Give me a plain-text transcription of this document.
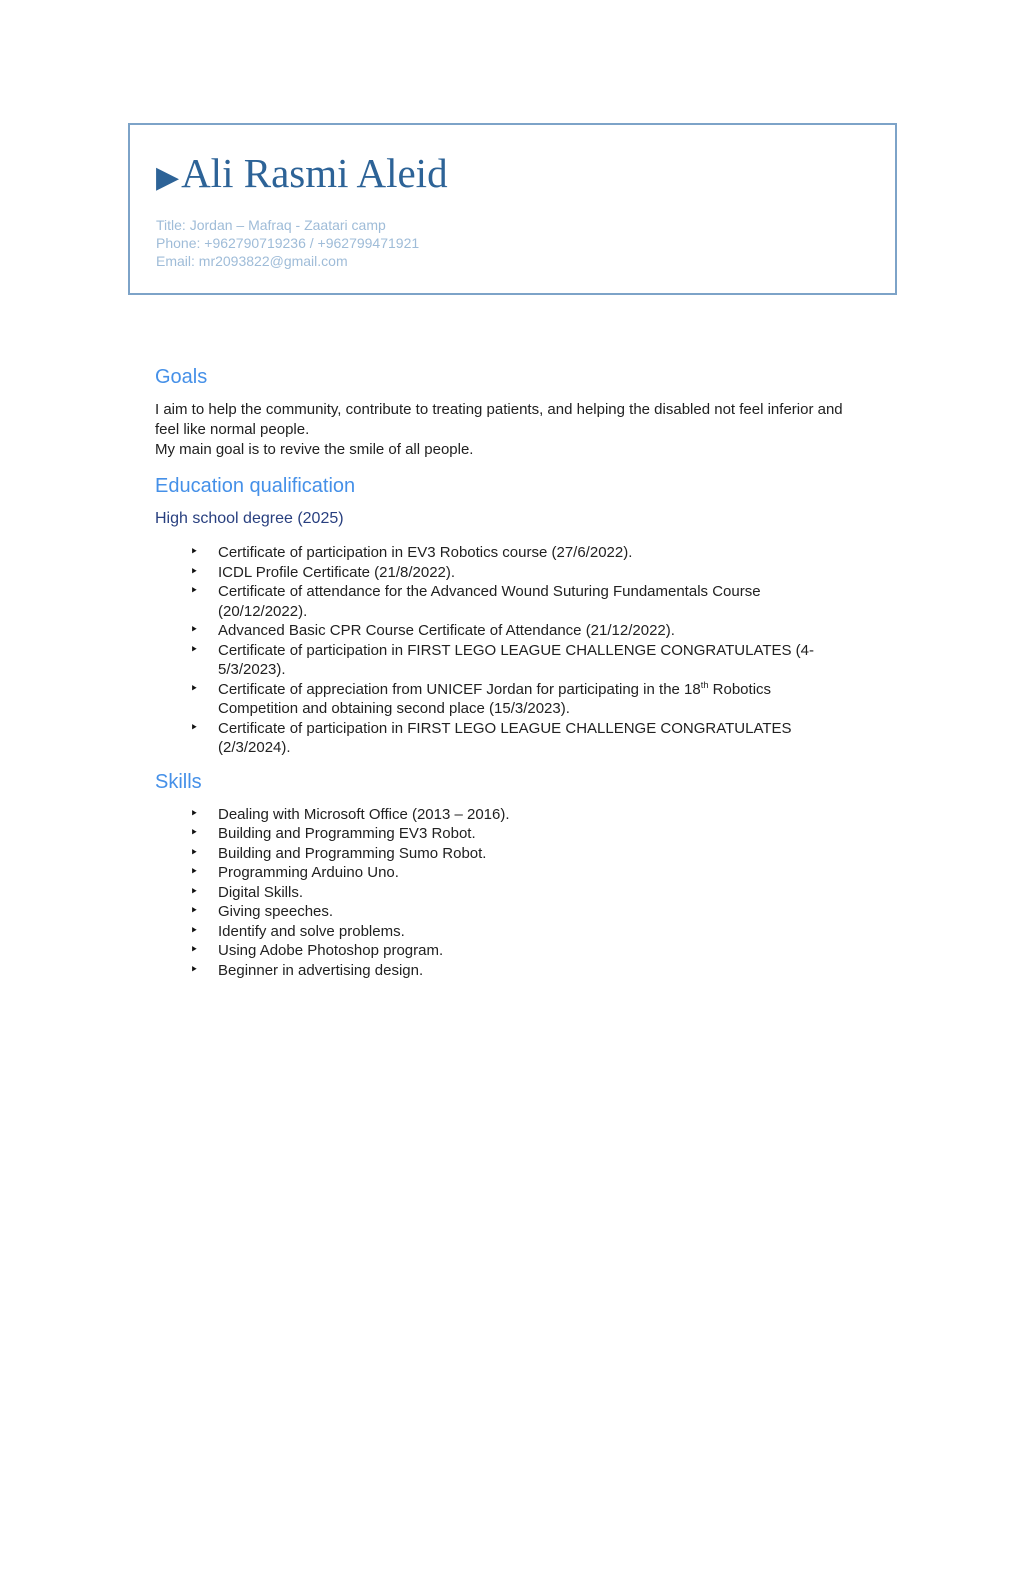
▶Ali Rasmi Aleid
Title: Jordan – Mafraq - Zaatari camp
Phone: +962790719236 / +962799471921
Email: mr2093822@gmail.com
Goals

I aim to help the community, contribute to treating patients, and helping the disabled not feel inferior and feel like normal people.

My main goal is to revive the smile of all people.

Education qualification
High school degree (2025)
‣	Certificate of participation in EV3 Robotics course (27/6/2022).
‣	ICDL Profile Certificate (21/8/2022).
‣	Certificate of attendance for the Advanced Wound Suturing Fundamentals Course (20/12/2022).
‣	Advanced Basic CPR Course Certificate of Attendance (21/12/2022).
‣	Certificate of participation in FIRST LEGO LEAGUE CHALLENGE CONGRATULATES (4-5/3/2023).
‣	Certificate of appreciation from UNICEF Jordan for participating in the 18th Robotics Competition and obtaining second place (15/3/2023).
‣	Certificate of participation in FIRST LEGO LEAGUE CHALLENGE CONGRATULATES (2/3/2024).
Skills
‣	Dealing with Microsoft Office (2013 – 2016).
‣	Building and Programming EV3 Robot.
‣	Building and Programming Sumo Robot.
‣	Programming Arduino Uno.
‣	Digital Skills.
‣	Giving speeches.
‣	Identify and solve problems.
‣	Using Adobe Photoshop program.
‣	Beginner in advertising design.
